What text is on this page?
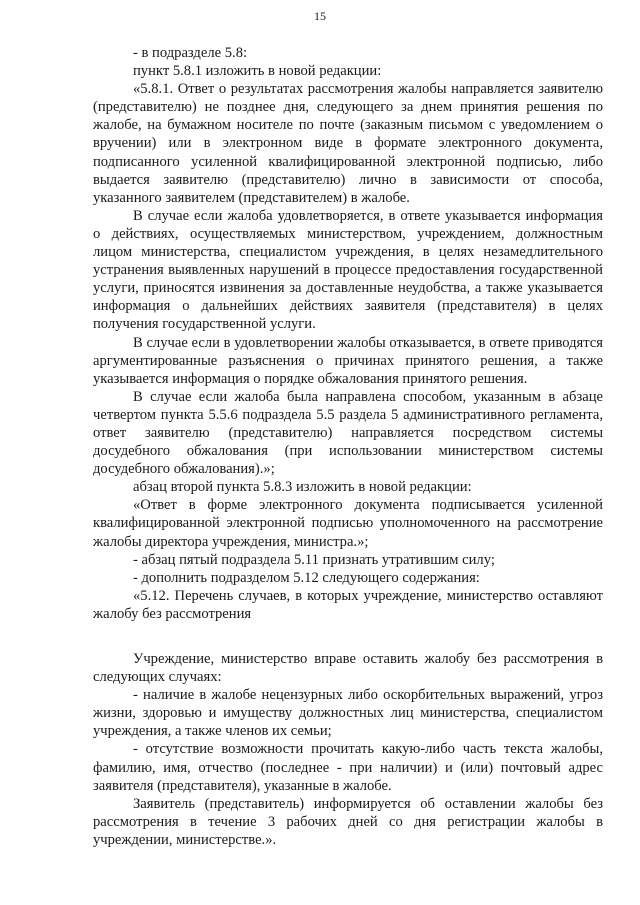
15

- в подразделе 5.8:

пункт 5.8.1 изложить в новой редакции:

«5.8.1. Ответ о результатах рассмотрения жалобы направляется заявителю (представителю) не позднее дня, следующего за днем принятия решения по жалобе, на бумажном носителе по почте (заказным письмом с уведомлением о вручении) или в электронном виде в формате электронного документа, подписанного усиленной квалифицированной электронной подписью, либо выдается заявителю (представителю) лично в зависимости от способа, указанного заявителем (представителем) в жалобе.

В случае если жалоба удовлетворяется, в ответе указывается информация о действиях, осуществляемых министерством, учреждением, должностным лицом министерства, специалистом учреждения, в целях незамедлительного устранения выявленных нарушений в процессе предоставления государственной услуги, приносятся извинения за доставленные неудобства, а также указывается информация о дальнейших действиях заявителя (представителя) в целях получения государственной услуги.

В случае если в удовлетворении жалобы отказывается, в ответе приводятся аргументированные разъяснения о причинах принятого решения, а также указывается информация о порядке обжалования принятого решения.

В случае если жалоба была направлена способом, указанным в абзаце четвертом пункта 5.5.6 подраздела 5.5 раздела 5 административного регламента, ответ заявителю (представителю) направляется посредством системы досудебного обжалования (при использовании министерством системы досудебного обжалования).»;

абзац второй пункта 5.8.3 изложить в новой редакции:

«Ответ в форме электронного документа подписывается усиленной квалифицированной электронной подписью уполномоченного на рассмотрение жалобы директора учреждения, министра.»;

- абзац пятый подраздела 5.11 признать утратившим силу;

- дополнить подразделом 5.12 следующего содержания:

«5.12. Перечень случаев, в которых учреждение, министерство оставляют жалобу без рассмотрения

Учреждение, министерство вправе оставить жалобу без рассмотрения в следующих случаях:

- наличие в жалобе нецензурных либо оскорбительных выражений, угроз жизни, здоровью и имуществу должностных лиц министерства, специалистом учреждения, а также членов их семьи;

- отсутствие возможности прочитать какую-либо часть текста жалобы, фамилию, имя, отчество (последнее - при наличии) и (или) почтовый адрес заявителя (представителя), указанные в жалобе.

Заявитель (представитель) информируется об оставлении жалобы без рассмотрения в течение 3 рабочих дней со дня регистрации жалобы в учреждении, министерстве.».
